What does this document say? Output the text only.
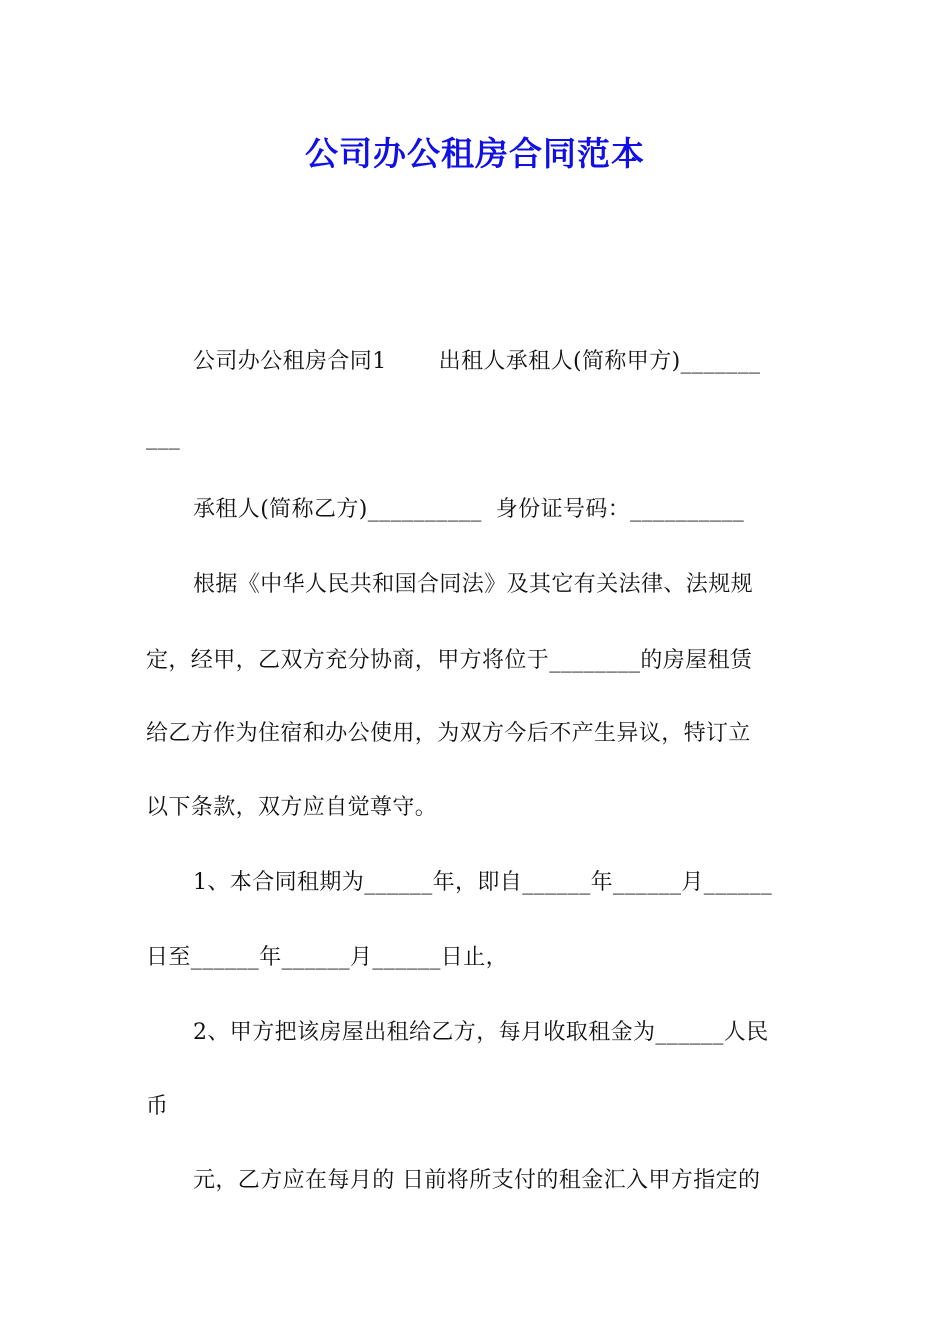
公司办公租房合同范本
公司办公租房合同1 出租人承租人(简称甲方)_______
___
承租人(简称乙方)__________ 身份证号码：__________
根据《中华人民共和国合同法》及其它有关法律、法规规
定，经甲，乙双方充分协商，甲方将位于________的房屋租赁
给乙方作为住宿和办公使用，为双方今后不产生异议，特订立
以下条款，双方应自觉尊守。
1、本合同租期为______年，即自______年______月______
日至______年______月______日止，
2、甲方把该房屋出租给乙方，每月收取租金为______人民
币
元，乙方应在每月的 日前将所支付的租金汇入甲方指定的
